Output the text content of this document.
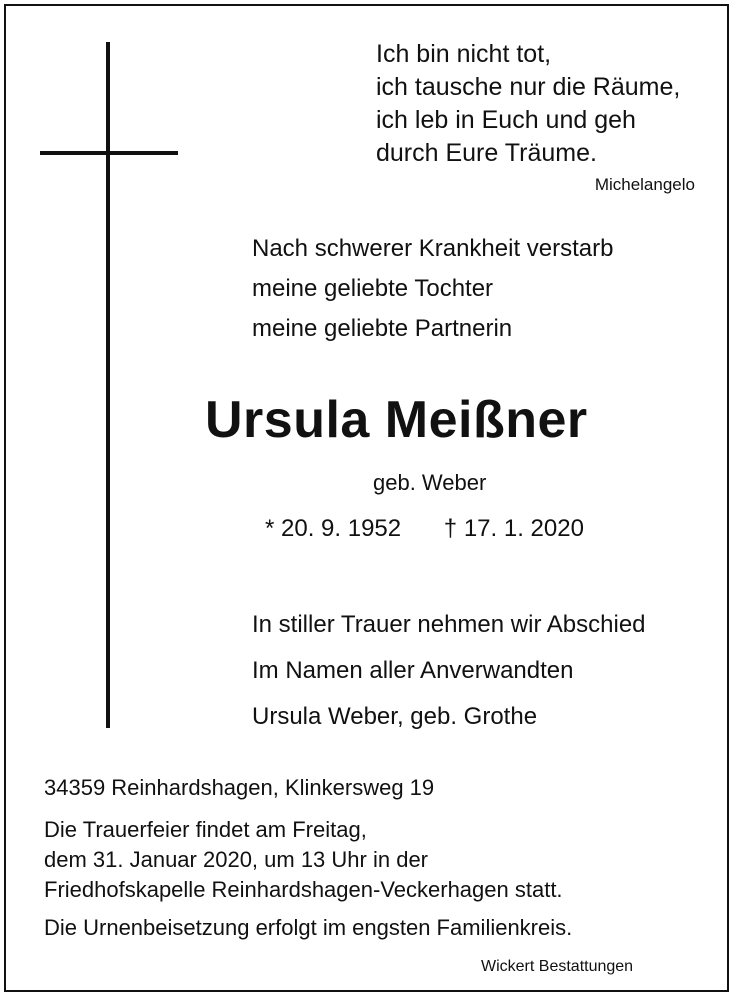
Ich bin nicht tot,
ich tausche nur die Räume,
ich leb in Euch und geh
durch Eure Träume.
Michelangelo
Nach schwerer Krankheit verstarb
meine geliebte Tochter
meine geliebte Partnerin
Ursula Meißner
geb. Weber
* 20. 9. 1952 † 17. 1. 2020
In stiller Trauer nehmen wir Abschied
Im Namen aller Anverwandten
Ursula Weber, geb. Grothe
34359 Reinhardshagen, Klinkersweg 19
Die Trauerfeier findet am Freitag,
dem 31. Januar 2020, um 13 Uhr in der
Friedhofskapelle Reinhardshagen-Veckerhagen statt.
Die Urnenbeisetzung erfolgt im engsten Familienkreis.
Wickert Bestattungen
